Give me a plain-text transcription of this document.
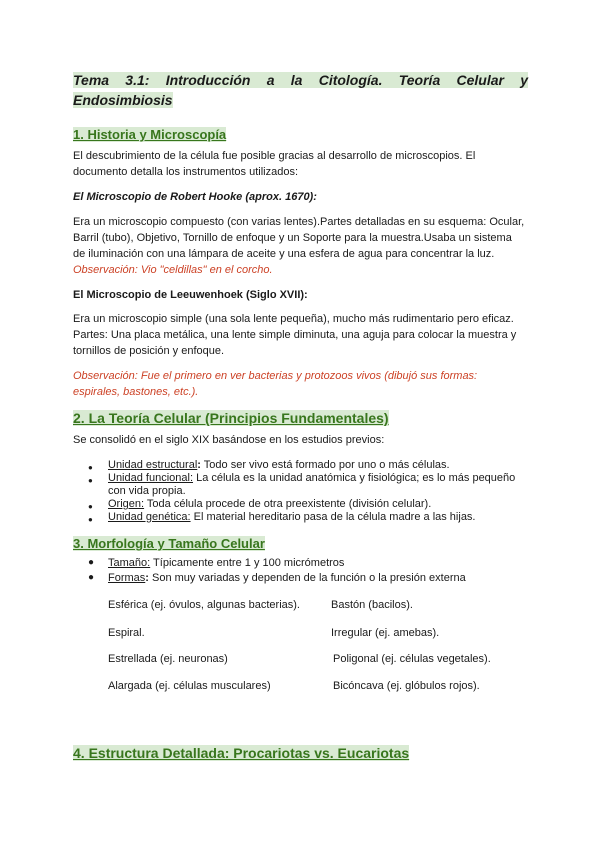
Tema 3.1: Introducción a la Citología. Teoría Celular y
Endosimbiosis
1. Historia y Microscopía
El descubrimiento de la célula fue posible gracias al desarrollo de microscopios. El
documento detalla los instrumentos utilizados:
El Microscopio de Robert Hooke (aprox. 1670):
Era un microscopio compuesto (con varias lentes).Partes detalladas en su esquema: Ocular,
Barril (tubo), Objetivo, Tornillo de enfoque y un Soporte para la muestra.Usaba un sistema
de iluminación con una lámpara de aceite y una esfera de agua para concentrar la luz.
Observación: Vio "celdillas" en el corcho.
El Microscopio de Leeuwenhoek (Siglo XVII):
Era un microscopio simple (una sola lente pequeña), mucho más rudimentario pero eficaz.
Partes: Una placa metálica, una lente simple diminuta, una aguja para colocar la muestra y
tornillos de posición y enfoque.
Observación: Fue el primero en ver bacterias y protozoos vivos (dibujó sus formas:
espirales, bastones, etc.).
2. La Teoría Celular (Principios Fundamentales)
Se consolidó en el siglo XIX basándose en los estudios previos:
● Unidad estructural: Todo ser vivo está formado por uno o más células.
● Unidad funcional: La célula es la unidad anatómica y fisiológica; es lo más pequeño
con vida propia.
● Origen: Toda célula procede de otra preexistente (división celular).
● Unidad genética: El material hereditario pasa de la célula madre a las hijas.
3. Morfología y Tamaño Celular
● Tamaño: Típicamente entre 1 y 100 micrómetros
● Formas: Son muy variadas y dependen de la función o la presión externa
Esférica (ej. óvulos, algunas bacterias).	Bastón (bacilos).
Espiral.	Irregular (ej. amebas).
Estrellada (ej. neuronas)	Poligonal (ej. células vegetales).
Alargada (ej. células musculares)	Bicóncava (ej. glóbulos rojos).
4. Estructura Detallada: Procariotas vs. Eucariotas
